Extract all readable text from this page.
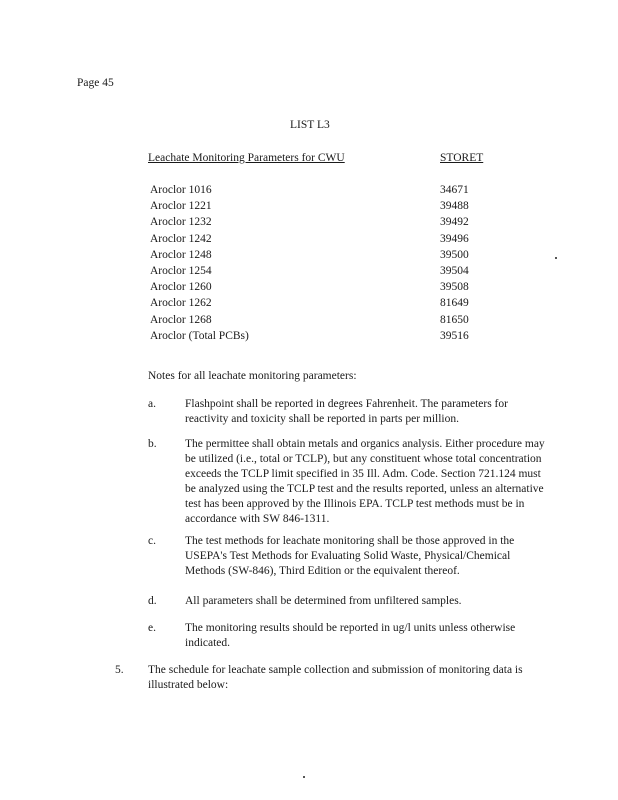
Page 45
LIST L3
Leachate Monitoring Parameters for CWU	STORET
Aroclor 1016	34671
Aroclor 1221	39488
Aroclor 1232	39492
Aroclor 1242	39496
Aroclor 1248	39500
Aroclor 1254	39504
Aroclor 1260	39508
Aroclor 1262	81649
Aroclor 1268	81650
Aroclor (Total PCBs)	39516
Notes for all leachate monitoring parameters:
a.	Flashpoint shall be reported in degrees Fahrenheit. The parameters for reactivity and toxicity shall be reported in parts per million.
b. The permittee shall obtain metals and organics analysis. Either procedure may be utilized (i.e., total or TCLP), but any constituent whose total concentration exceeds the TCLP limit specified in 35 Ill. Adm. Code. Section 721.124 must be analyzed using the TCLP test and the results reported, unless an alternative test has been approved by the Illinois EPA. TCLP test methods must be in accordance with SW 846-1311.
c.	The test methods for leachate monitoring shall be those approved in the USEPA's Test Methods for Evaluating Solid Waste, Physical/Chemical Methods (SW-846), Third Edition or the equivalent thereof.
d. All parameters shall be determined from unfiltered samples.
e.	The monitoring results should be reported in ug/l units unless otherwise indicated.
5. The schedule for leachate sample collection and submission of monitoring data is illustrated below:
